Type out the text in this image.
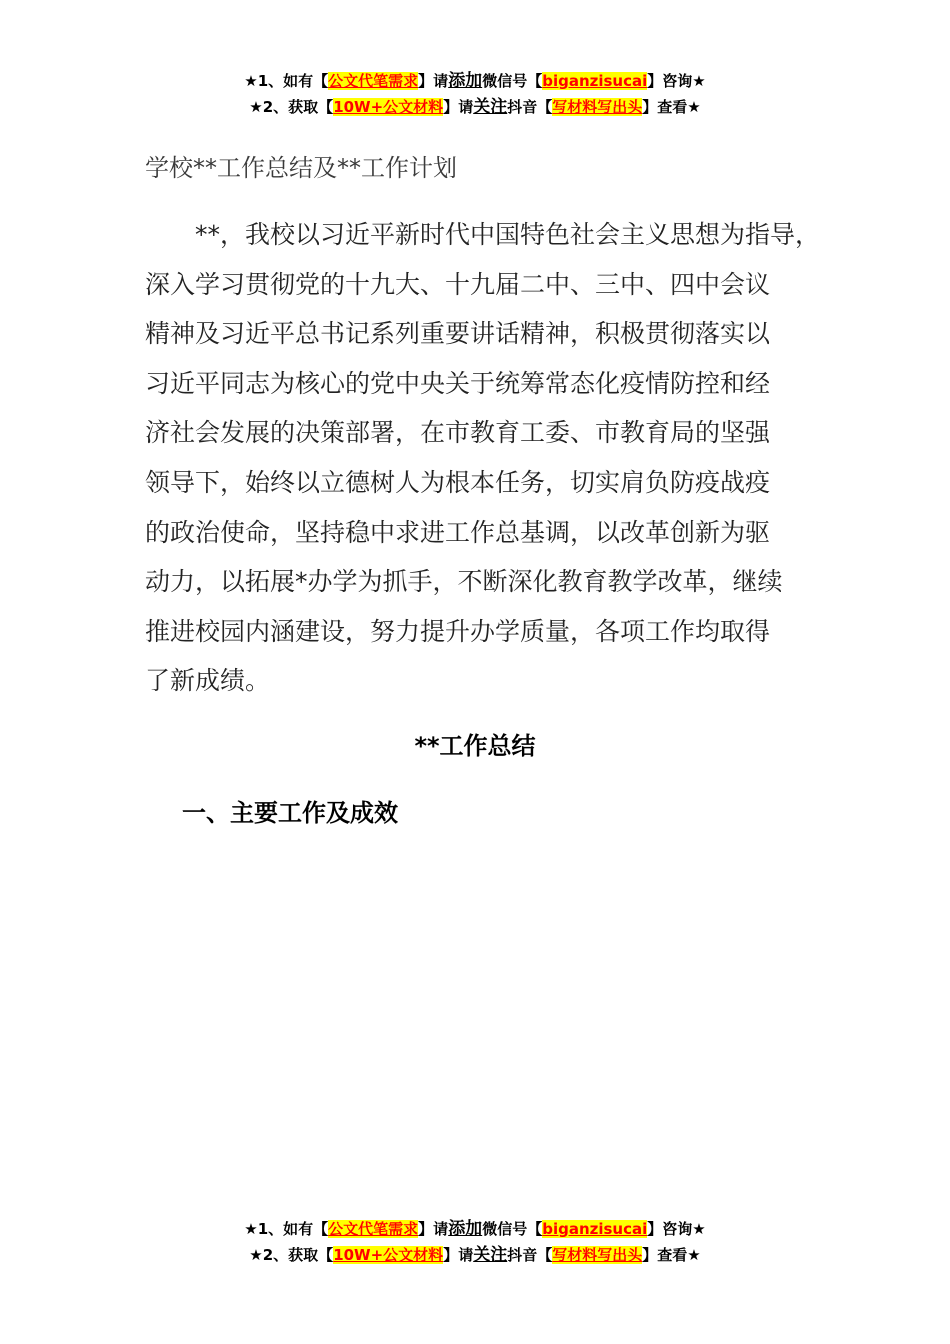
★1、如有【公文代笔需求】请添加微信号【biganzisucai】咨询★
★2、获取【10W+公文材料】请关注抖音【写材料写出头】查看★
学校**工作总结及**工作计划
　　**，我校以习近平新时代中国特色社会主义思想为指导，
深入学习贯彻党的十九大、十九届二中、三中、四中会议
精神及习近平总书记系列重要讲话精神，积极贯彻落实以
习近平同志为核心的党中央关于统筹常态化疫情防控和经
济社会发展的决策部署，在市教育工委、市教育局的坚强
领导下，始终以立德树人为根本任务，切实肩负防疫战疫
的政治使命，坚持稳中求进工作总基调，以改革创新为驱
动力，以拓展*办学为抓手，不断深化教育教学改革，继续
推进校园内涵建设，努力提升办学质量，各项工作均取得
了新成绩。
**工作总结
一、主要工作及成效
★1、如有【公文代笔需求】请添加微信号【biganzisucai】咨询★
★2、获取【10W+公文材料】请关注抖音【写材料写出头】查看★
